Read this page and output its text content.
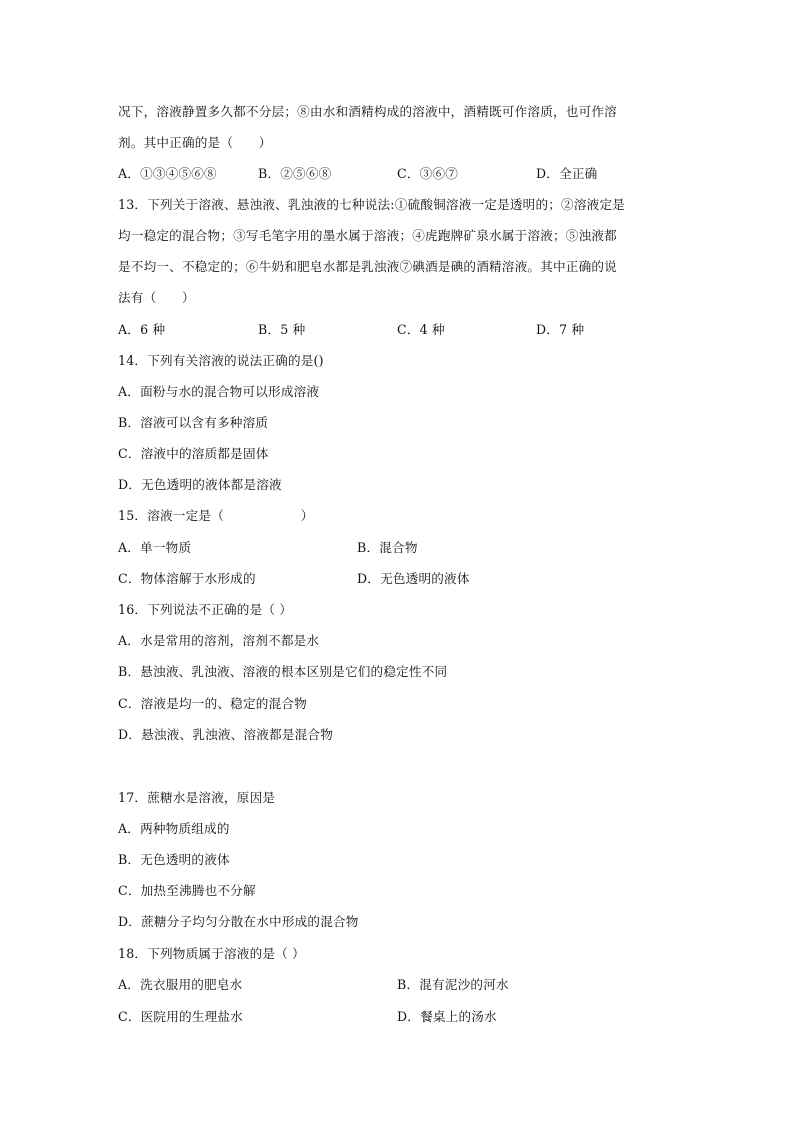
况下，溶液静置多久都不分层；⑧由水和酒精构成的溶液中，酒精既可作溶质，也可作溶
剂。其中正确的是（　　）
A．①③④⑤⑥⑧	B．②⑤⑥⑧	C．③⑥⑦	D．全正确
13．下列关于溶液、悬浊液、乳浊液的七种说法:①硫酸铜溶液一定是透明的；②溶液定是
均一稳定的混合物；③写毛笔字用的墨水属于溶液；④虎跑牌矿泉水属于溶液；⑤浊液都
是不均一、不稳定的；⑥牛奶和肥皂水都是乳浊液⑦碘酒是碘的酒精溶液。其中正确的说
法有（　　）
A．6 种	B．5 种	C．4 种	D．7 种
14．下列有关溶液的说法正确的是()
A．面粉与水的混合物可以形成溶液
B．溶液可以含有多种溶质
C．溶液中的溶质都是固体
D．无色透明的液体都是溶液
15．溶液一定是（　　　　　　）
A．单一物质	B．混合物
C．物体溶解于水形成的	D．无色透明的液体
16．下列说法不正确的是（ ）
A．水是常用的溶剂，溶剂不都是水
B．悬浊液、乳浊液、溶液的根本区别是它们的稳定性不同
C．溶液是均一的、稳定的混合物
D．悬浊液、乳浊液、溶液都是混合物
17．蔗糖水是溶液，原因是
A．两种物质组成的
B．无色透明的液体
C．加热至沸腾也不分解
D．蔗糖分子均匀分散在水中形成的混合物
18．下列物质属于溶液的是（ ）
A．洗衣服用的肥皂水	B．混有泥沙的河水
C．医院用的生理盐水	D．餐桌上的汤水
